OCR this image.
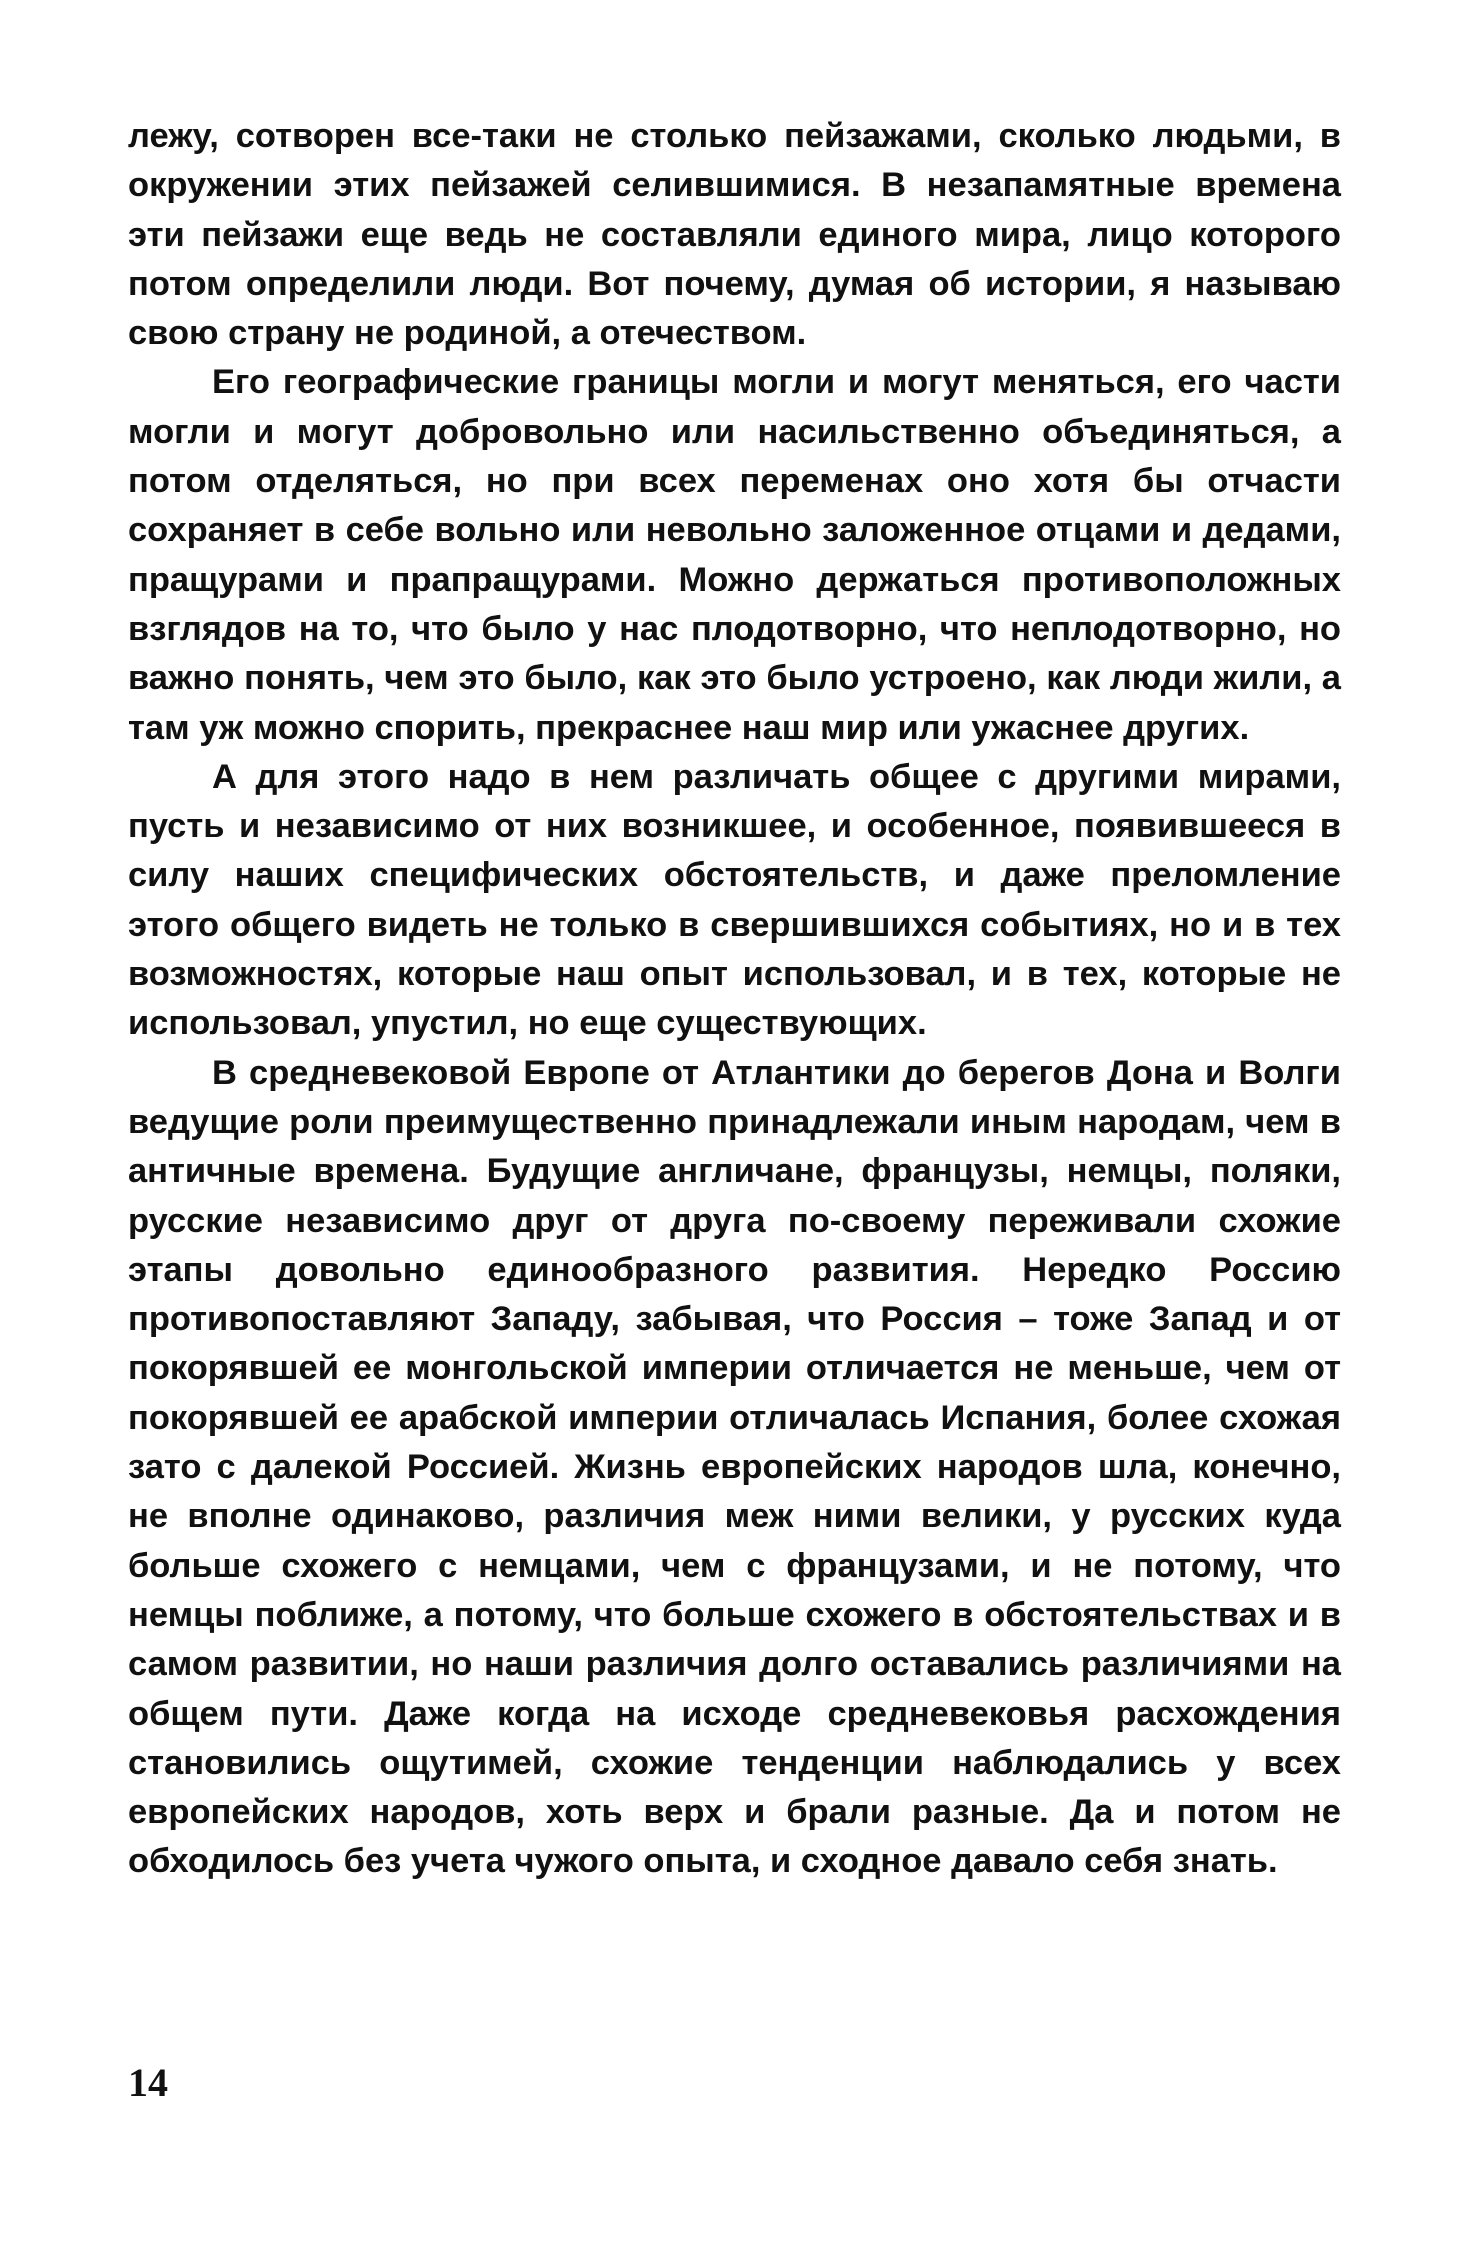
лежу, сотворен все-таки не столько пейзажами, сколько людьми, в окружении этих пейзажей селившимися. В незапамятные времена эти пейзажи еще ведь не составляли единого мира, лицо которого потом определили люди. Вот почему, думая об истории, я называю свою страну не родиной, а отечеством.

Его географические границы могли и могут меняться, его части могли и могут добровольно или насильственно объединяться, а потом отделяться, но при всех переменах оно хотя бы отчасти сохраняет в себе вольно или невольно заложенное отцами и дедами, пращурами и прапращурами. Можно держаться противоположных взглядов на то, что было у нас плодотворно, что неплодотворно, но важно понять, чем это было, как это было устроено, как люди жили, а там уж можно спорить, прекраснее наш мир или ужаснее других.

А для этого надо в нем различать общее с другими мирами, пусть и независимо от них возникшее, и особенное, появившееся в силу наших специфических обстоятельств, и даже преломление этого общего видеть не только в свершившихся событиях, но и в тех возможностях, которые наш опыт использовал, и в тех, которые не использовал, упустил, но еще существующих.

В средневековой Европе от Атлантики до берегов Дона и Волги ведущие роли преимущественно принадлежали иным народам, чем в античные времена. Будущие англичане, французы, немцы, поляки, русские независимо друг от друга по-своему переживали схожие этапы довольно единообразного развития. Нередко Россию противопоставляют Западу, забывая, что Россия – тоже Запад и от покорявшей ее монгольской империи отличается не меньше, чем от покорявшей ее арабской империи отличалась Испания, более схожая зато с далекой Россией. Жизнь европейских народов шла, конечно, не вполне одинаково, различия меж ними велики, у русских куда больше схожего с немцами, чем с французами, и не потому, что немцы поближе, а потому, что больше схожего в обстоятельствах и в самом развитии, но наши различия долго оставались различиями на общем пути. Даже когда на исходе средневековья расхождения становились ощутимей, схожие тенденции наблюдались у всех европейских народов, хоть верх и брали разные. Да и потом не обходилось без учета чужого опыта, и сходное давало себя знать.

14
